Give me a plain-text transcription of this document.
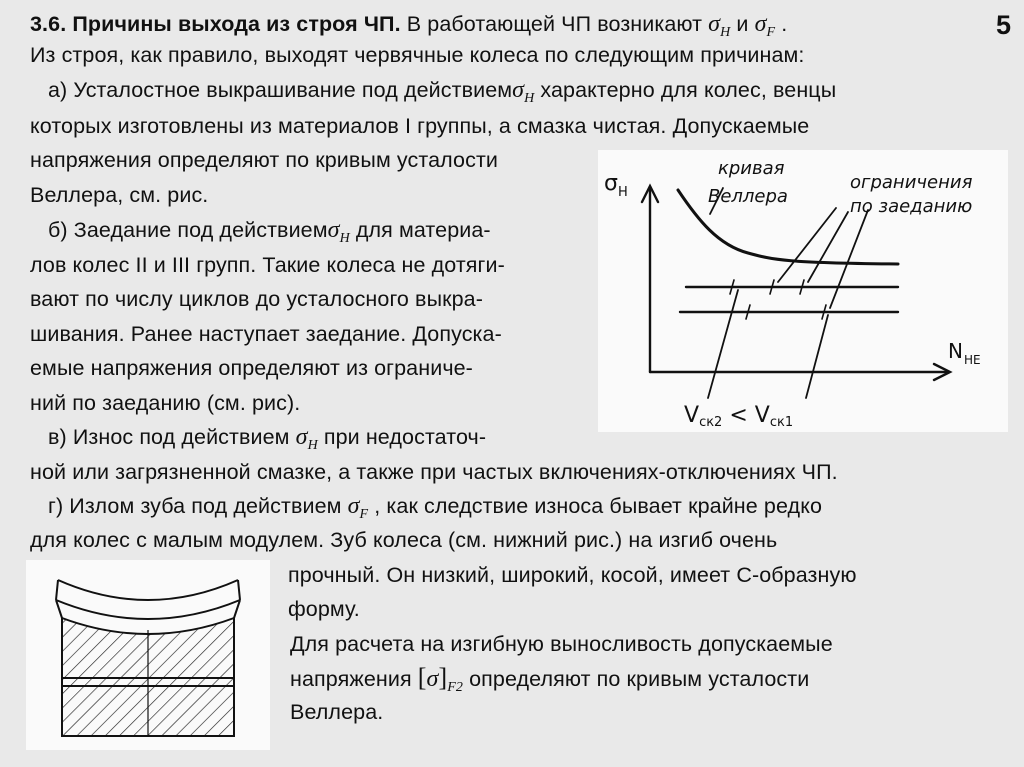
5
3.6. Причины выхода из строя ЧП. В работающей ЧП возникают $\sigma_H$ и $\sigma_F$ .
Из строя, как правило, выходят червячные колеса по следующим причинам:
а) Усталостное выкрашивание под действиемσ$_H$ характерно для колес, венцы
которых изготовлены из материалов I группы, а смазка чистая. Допускаемые
напряжения определяют по кривым усталости
Веллера, см. рис.
б) Заедание под действиемσ$_H$ для материа-
лов колес II и III групп. Такие колеса не дотяги-
вают по числу циклов до усталосного выкра-
шивания. Ранее наступает заедание. Допуска-
емые напряжения определяют из ограниче-
ний по заеданию (см. рис).
в) Износ под действием $\sigma_H$ при недостаточ-
ной или загрязненной смазке, а также при частых включениях-отключениях ЧП.
г) Излом зуба под действием $\sigma_F$ , как следствие износа бывает крайне редко
для колес с малым модулем. Зуб колеса (см. нижний рис.) на изгиб очень
прочный. Он низкий, широкий, косой, имеет С-образную
форму.
Для расчета на изгибную выносливость допускаемые
напряжения $[\sigma]_{F2}$ определяют по кривым усталости
Веллера.
σ H
N HE
кривая
Веллера
ограничения
по заеданию
Vск2 < Vск1
